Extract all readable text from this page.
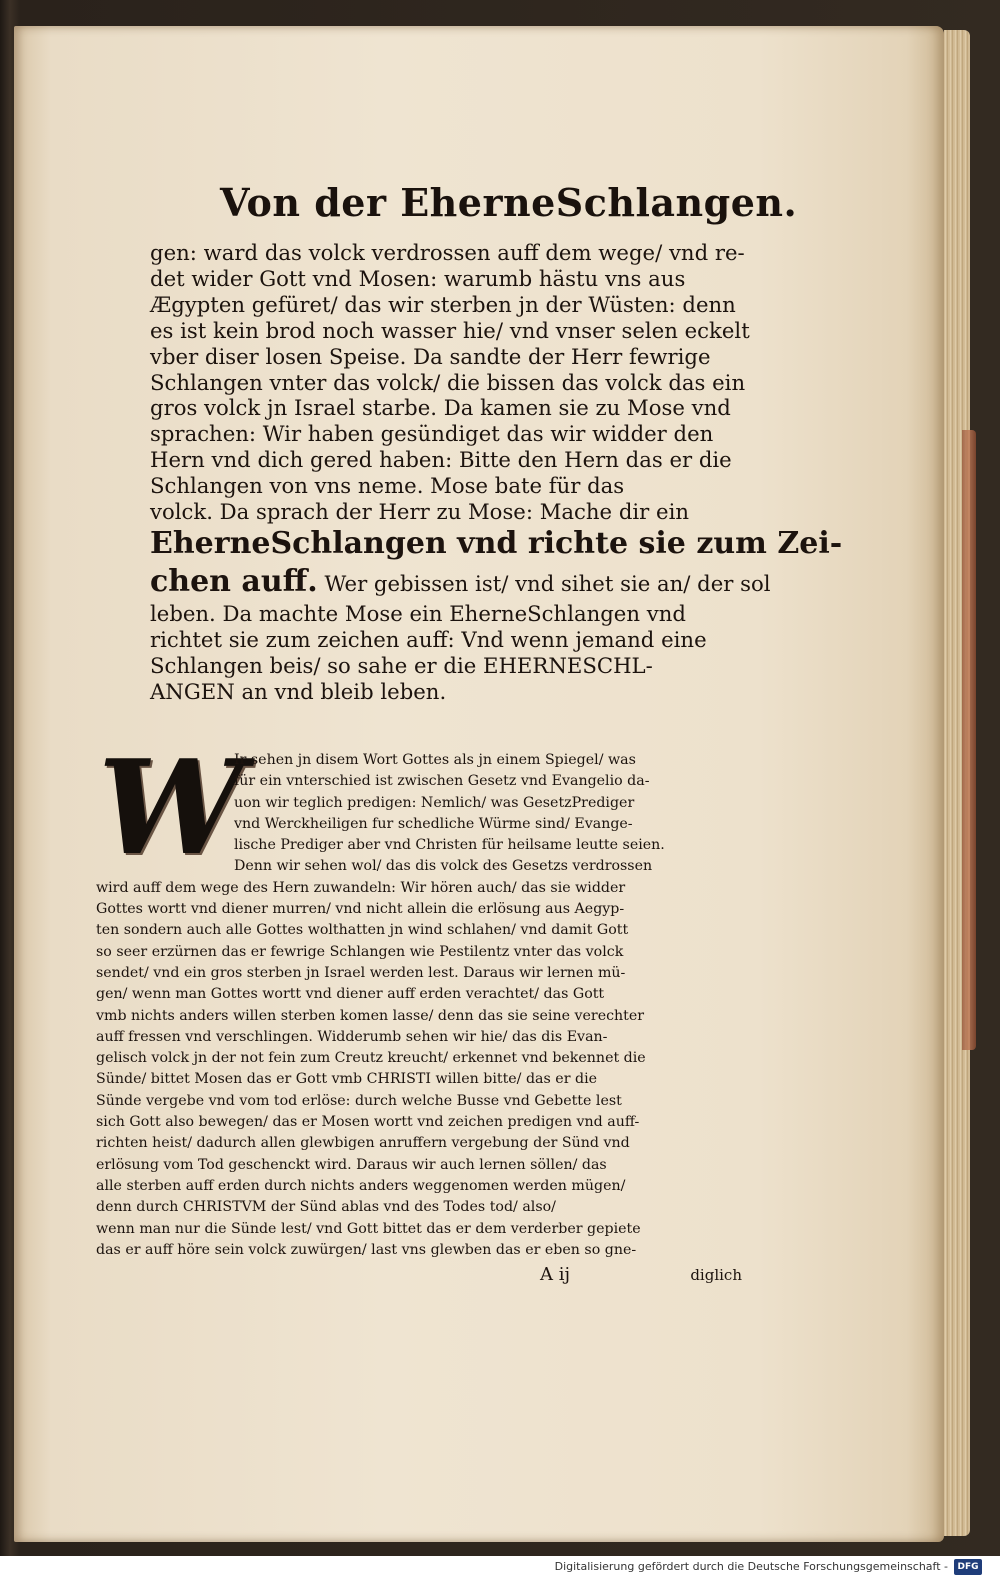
Von der EherneSchlangen.
gen: ward das volck verdrossen auff dem wege/ vnd re-
det wider Gott vnd Mosen: warumb hästu vns aus
Ægypten gefüret/ das wir sterben jn der Wüsten: denn
es ist kein brod noch wasser hie/ vnd vnser selen eckelt
vber diser losen Speise. Da sandte der Herr fewrige
Schlangen vnter das volck/ die bissen das volck das ein
gros volck jn Israel starbe. Da kamen sie zu Mose vnd
sprachen: Wir haben gesündiget das wir widder den
Hern vnd dich gered haben: Bitte den Hern das er die
Schlangen von vns neme. Mose bate für das
volck. Da sprach der Herr zu Mose: Mache dir ein
EherneSchlangen vnd richte sie zum Zei-
chen auff. Wer gebissen ist/ vnd sihet sie an/ der sol
leben. Da machte Mose ein EherneSchlangen vnd
richtet sie zum zeichen auff: Vnd wenn jemand eine
Schlangen beis/ so sahe er die EHERNESCHL-
ANGEN an vnd bleib leben.
W
Ir sehen jn disem Wort Gottes als jn einem Spiegel/ was
für ein vnterschied ist zwischen Gesetz vnd Evangelio da-
uon wir teglich predigen: Nemlich/ was GesetzPrediger
vnd Werckheiligen fur schedliche Würme sind/ Evange-
lische Prediger aber vnd Christen für heilsame leutte seien.
Denn wir sehen wol/ das dis volck des Gesetzs verdrossen
wird auff dem wege des Hern zuwandeln: Wir hören auch/ das sie widder
Gottes wortt vnd diener murren/ vnd nicht allein die erlösung aus Aegyp-
ten sondern auch alle Gottes wolthatten jn wind schlahen/ vnd damit Gott
so seer erzürnen das er fewrige Schlangen wie Pestilentz vnter das volck
sendet/ vnd ein gros sterben jn Israel werden lest. Daraus wir lernen mü-
gen/ wenn man Gottes wortt vnd diener auff erden verachtet/ das Gott
vmb nichts anders willen sterben komen lasse/ denn das sie seine verechter
auff fressen vnd verschlingen. Widderumb sehen wir hie/ das dis Evan-
gelisch volck jn der not fein zum Creutz kreucht/ erkennet vnd bekennet die
Sünde/ bittet Mosen das er Gott vmb CHRISTI willen bitte/ das er die
Sünde vergebe vnd vom tod erlöse: durch welche Busse vnd Gebette lest
sich Gott also bewegen/ das er Mosen wortt vnd zeichen predigen vnd auff-
richten heist/ dadurch allen glewbigen anruffern vergebung der Sünd vnd
erlösung vom Tod geschenckt wird. Daraus wir auch lernen söllen/ das
alle sterben auff erden durch nichts anders weggenomen werden mügen/
denn durch CHRISTVM der Sünd ablas vnd des Todes tod/ also/
wenn man nur die Sünde lest/ vnd Gott bittet das er dem verderber gepiete
das er auff höre sein volck zuwürgen/ last vns glewben das er eben so gne-
A ij	diglich
Digitalisierung gefördert durch die Deutsche Forschungsgemeinschaft -	DFG
